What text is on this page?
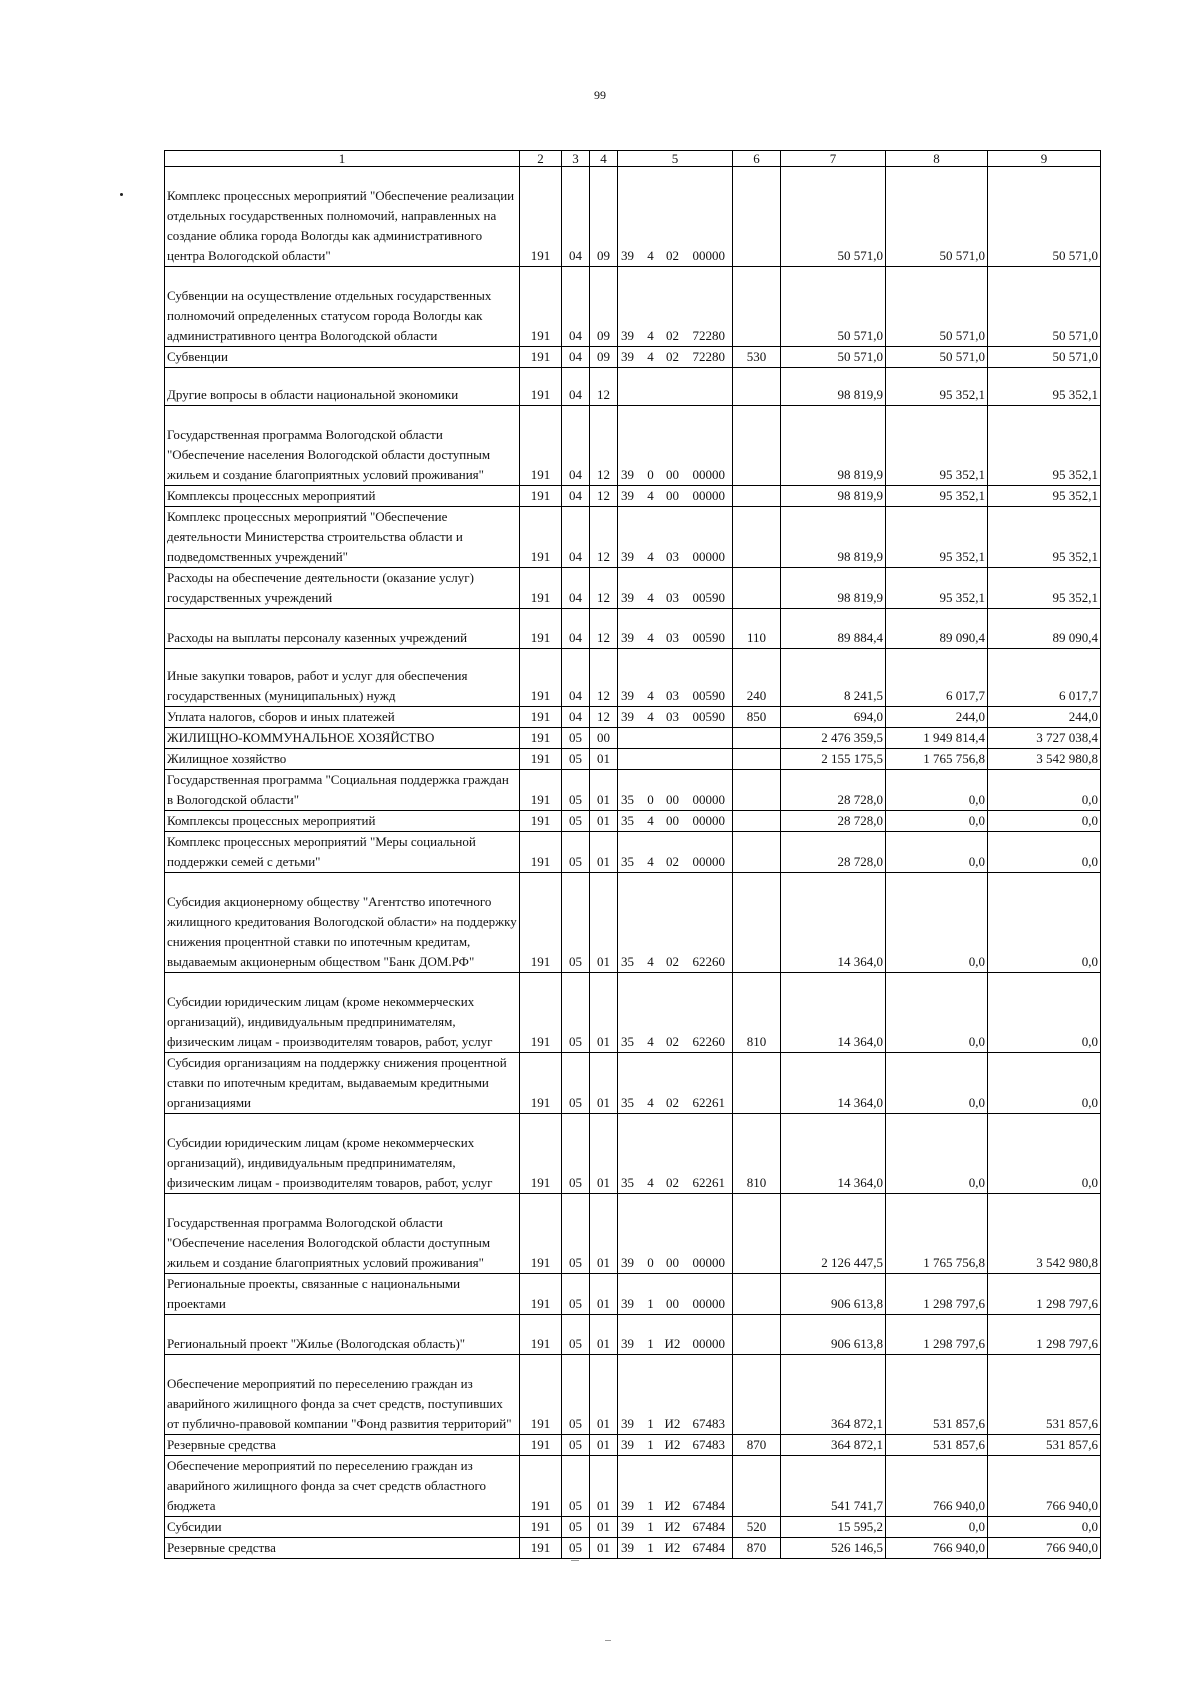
99
1	2	3	4	5				6	7	8	9
Комплекс процессных мероприятий "Обеспечение реализации отдельных государственных полномочий, направленных на создание облика города Вологды как административного центра Вологодской области"	191	04	09	39	4	02	00000		50 571,0	50 571,0	50 571,0
Субвенции на осуществление отдельных государственных полномочий определенных статусом города Вологды как административного центра Вологодской области	191	04	09	39	4	02	72280		50 571,0	50 571,0	50 571,0
Субвенции	191	04	09	39	4	02	72280	530	50 571,0	50 571,0	50 571,0
Другие вопросы в области национальной экономики	191	04	12						98 819,9	95 352,1	95 352,1
Государственная программа Вологодской области "Обеспечение населения Вологодской области доступным жильем и создание благоприятных условий проживания"	191	04	12	39	0	00	00000		98 819,9	95 352,1	95 352,1
Комплексы процессных мероприятий	191	04	12	39	4	00	00000		98 819,9	95 352,1	95 352,1
Комплекс процессных мероприятий "Обеспечение деятельности Министерства строительства области и подведомственных учреждений"	191	04	12	39	4	03	00000		98 819,9	95 352,1	95 352,1
Расходы на обеспечение деятельности (оказание услуг) государственных учреждений	191	04	12	39	4	03	00590		98 819,9	95 352,1	95 352,1
Расходы на выплаты персоналу казенных учреждений	191	04	12	39	4	03	00590	110	89 884,4	89 090,4	89 090,4
Иные закупки товаров, работ и услуг для обеспечения государственных (муниципальных) нужд	191	04	12	39	4	03	00590	240	8 241,5	6 017,7	6 017,7
Уплата налогов, сборов и иных платежей	191	04	12	39	4	03	00590	850	694,0	244,0	244,0
ЖИЛИЩНО-КОММУНАЛЬНОЕ ХОЗЯЙСТВО	191	05	00						2 476 359,5	1 949 814,4	3 727 038,4
Жилищное хозяйство	191	05	01						2 155 175,5	1 765 756,8	3 542 980,8
Государственная программа "Социальная поддержка граждан в Вологодской области"	191	05	01	35	0	00	00000		28 728,0	0,0	0,0
Комплексы процессных мероприятий	191	05	01	35	4	00	00000		28 728,0	0,0	0,0
Комплекс процессных мероприятий "Меры социальной поддержки семей с детьми"	191	05	01	35	4	02	00000		28 728,0	0,0	0,0
Субсидия акционерному обществу "Агентство ипотечного жилищного кредитования Вологодской области» на поддержку снижения процентной ставки по ипотечным кредитам, выдаваемым акционерным обществом "Банк ДОМ.РФ"	191	05	01	35	4	02	62260		14 364,0	0,0	0,0
Субсидии юридическим лицам (кроме некоммерческих организаций), индивидуальным предпринимателям, физическим лицам - производителям товаров, работ, услуг	191	05	01	35	4	02	62260	810	14 364,0	0,0	0,0
Субсидия организациям на поддержку снижения процентной ставки по ипотечным кредитам, выдаваемым кредитными организациями	191	05	01	35	4	02	62261		14 364,0	0,0	0,0
Субсидии юридическим лицам (кроме некоммерческих организаций), индивидуальным предпринимателям, физическим лицам - производителям товаров, работ, услуг	191	05	01	35	4	02	62261	810	14 364,0	0,0	0,0
Государственная программа Вологодской области "Обеспечение населения Вологодской области доступным жильем и создание благоприятных условий проживания"	191	05	01	39	0	00	00000		2 126 447,5	1 765 756,8	3 542 980,8
Региональные проекты, связанные с национальными проектами	191	05	01	39	1	00	00000		906 613,8	1 298 797,6	1 298 797,6
Региональный проект "Жилье (Вологодская область)"	191	05	01	39	1	И2	00000		906 613,8	1 298 797,6	1 298 797,6
Обеспечение мероприятий по переселению граждан из аварийного жилищного фонда за счет средств, поступивших от публично-правовой компании "Фонд развития территорий"	191	05	01	39	1	И2	67483		364 872,1	531 857,6	531 857,6
Резервные средства	191	05	01	39	1	И2	67483	870	364 872,1	531 857,6	531 857,6
Обеспечение мероприятий по переселению граждан из аварийного жилищного фонда за счет средств областного бюджета	191	05	01	39	1	И2	67484		541 741,7	766 940,0	766 940,0
Субсидии	191	05	01	39	1	И2	67484	520	15 595,2	0,0	0,0
Резервные средства	191	05	01	39	1	И2	67484	870	526 146,5	766 940,0	766 940,0
